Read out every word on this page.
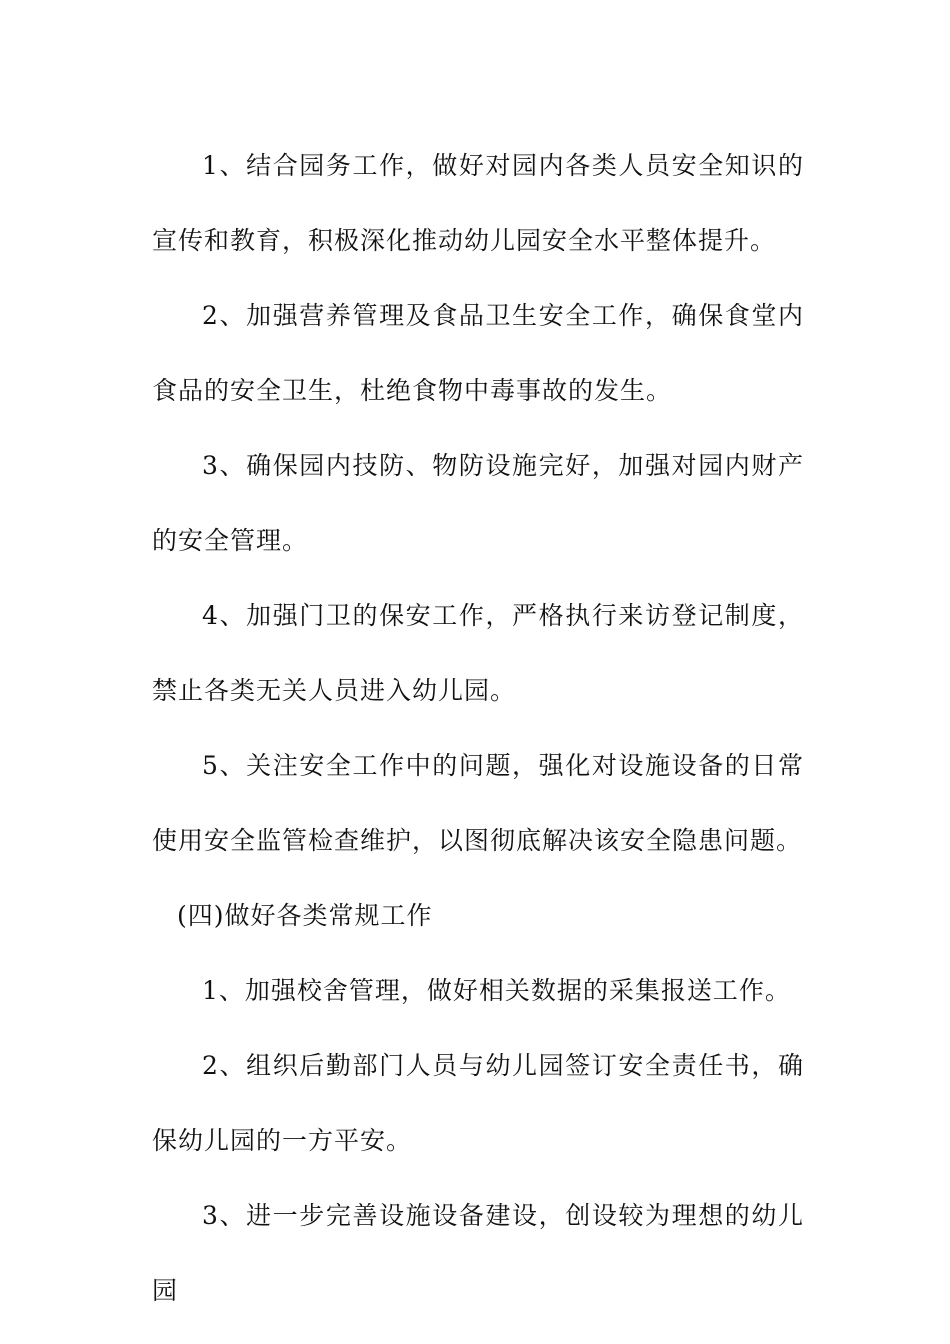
1、结合园务工作，做好对园内各类人员安全知识的宣传和教育，积极深化推动幼儿园安全水平整体提升。

2、加强营养管理及食品卫生安全工作，确保食堂内食品的安全卫生，杜绝食物中毒事故的发生。

3、确保园内技防、物防设施完好，加强对园内财产的安全管理。

4、加强门卫的保安工作，严格执行来访登记制度，禁止各类无关人员进入幼儿园。

5、关注安全工作中的问题，强化对设施设备的日常使用安全监管检查维护，以图彻底解决该安全隐患问题。

(四)做好各类常规工作

1、加强校舍管理，做好相关数据的采集报送工作。

2、组织后勤部门人员与幼儿园签订安全责任书，确保幼儿园的一方平安。

3、进一步完善设施设备建设，创设较为理想的幼儿园
